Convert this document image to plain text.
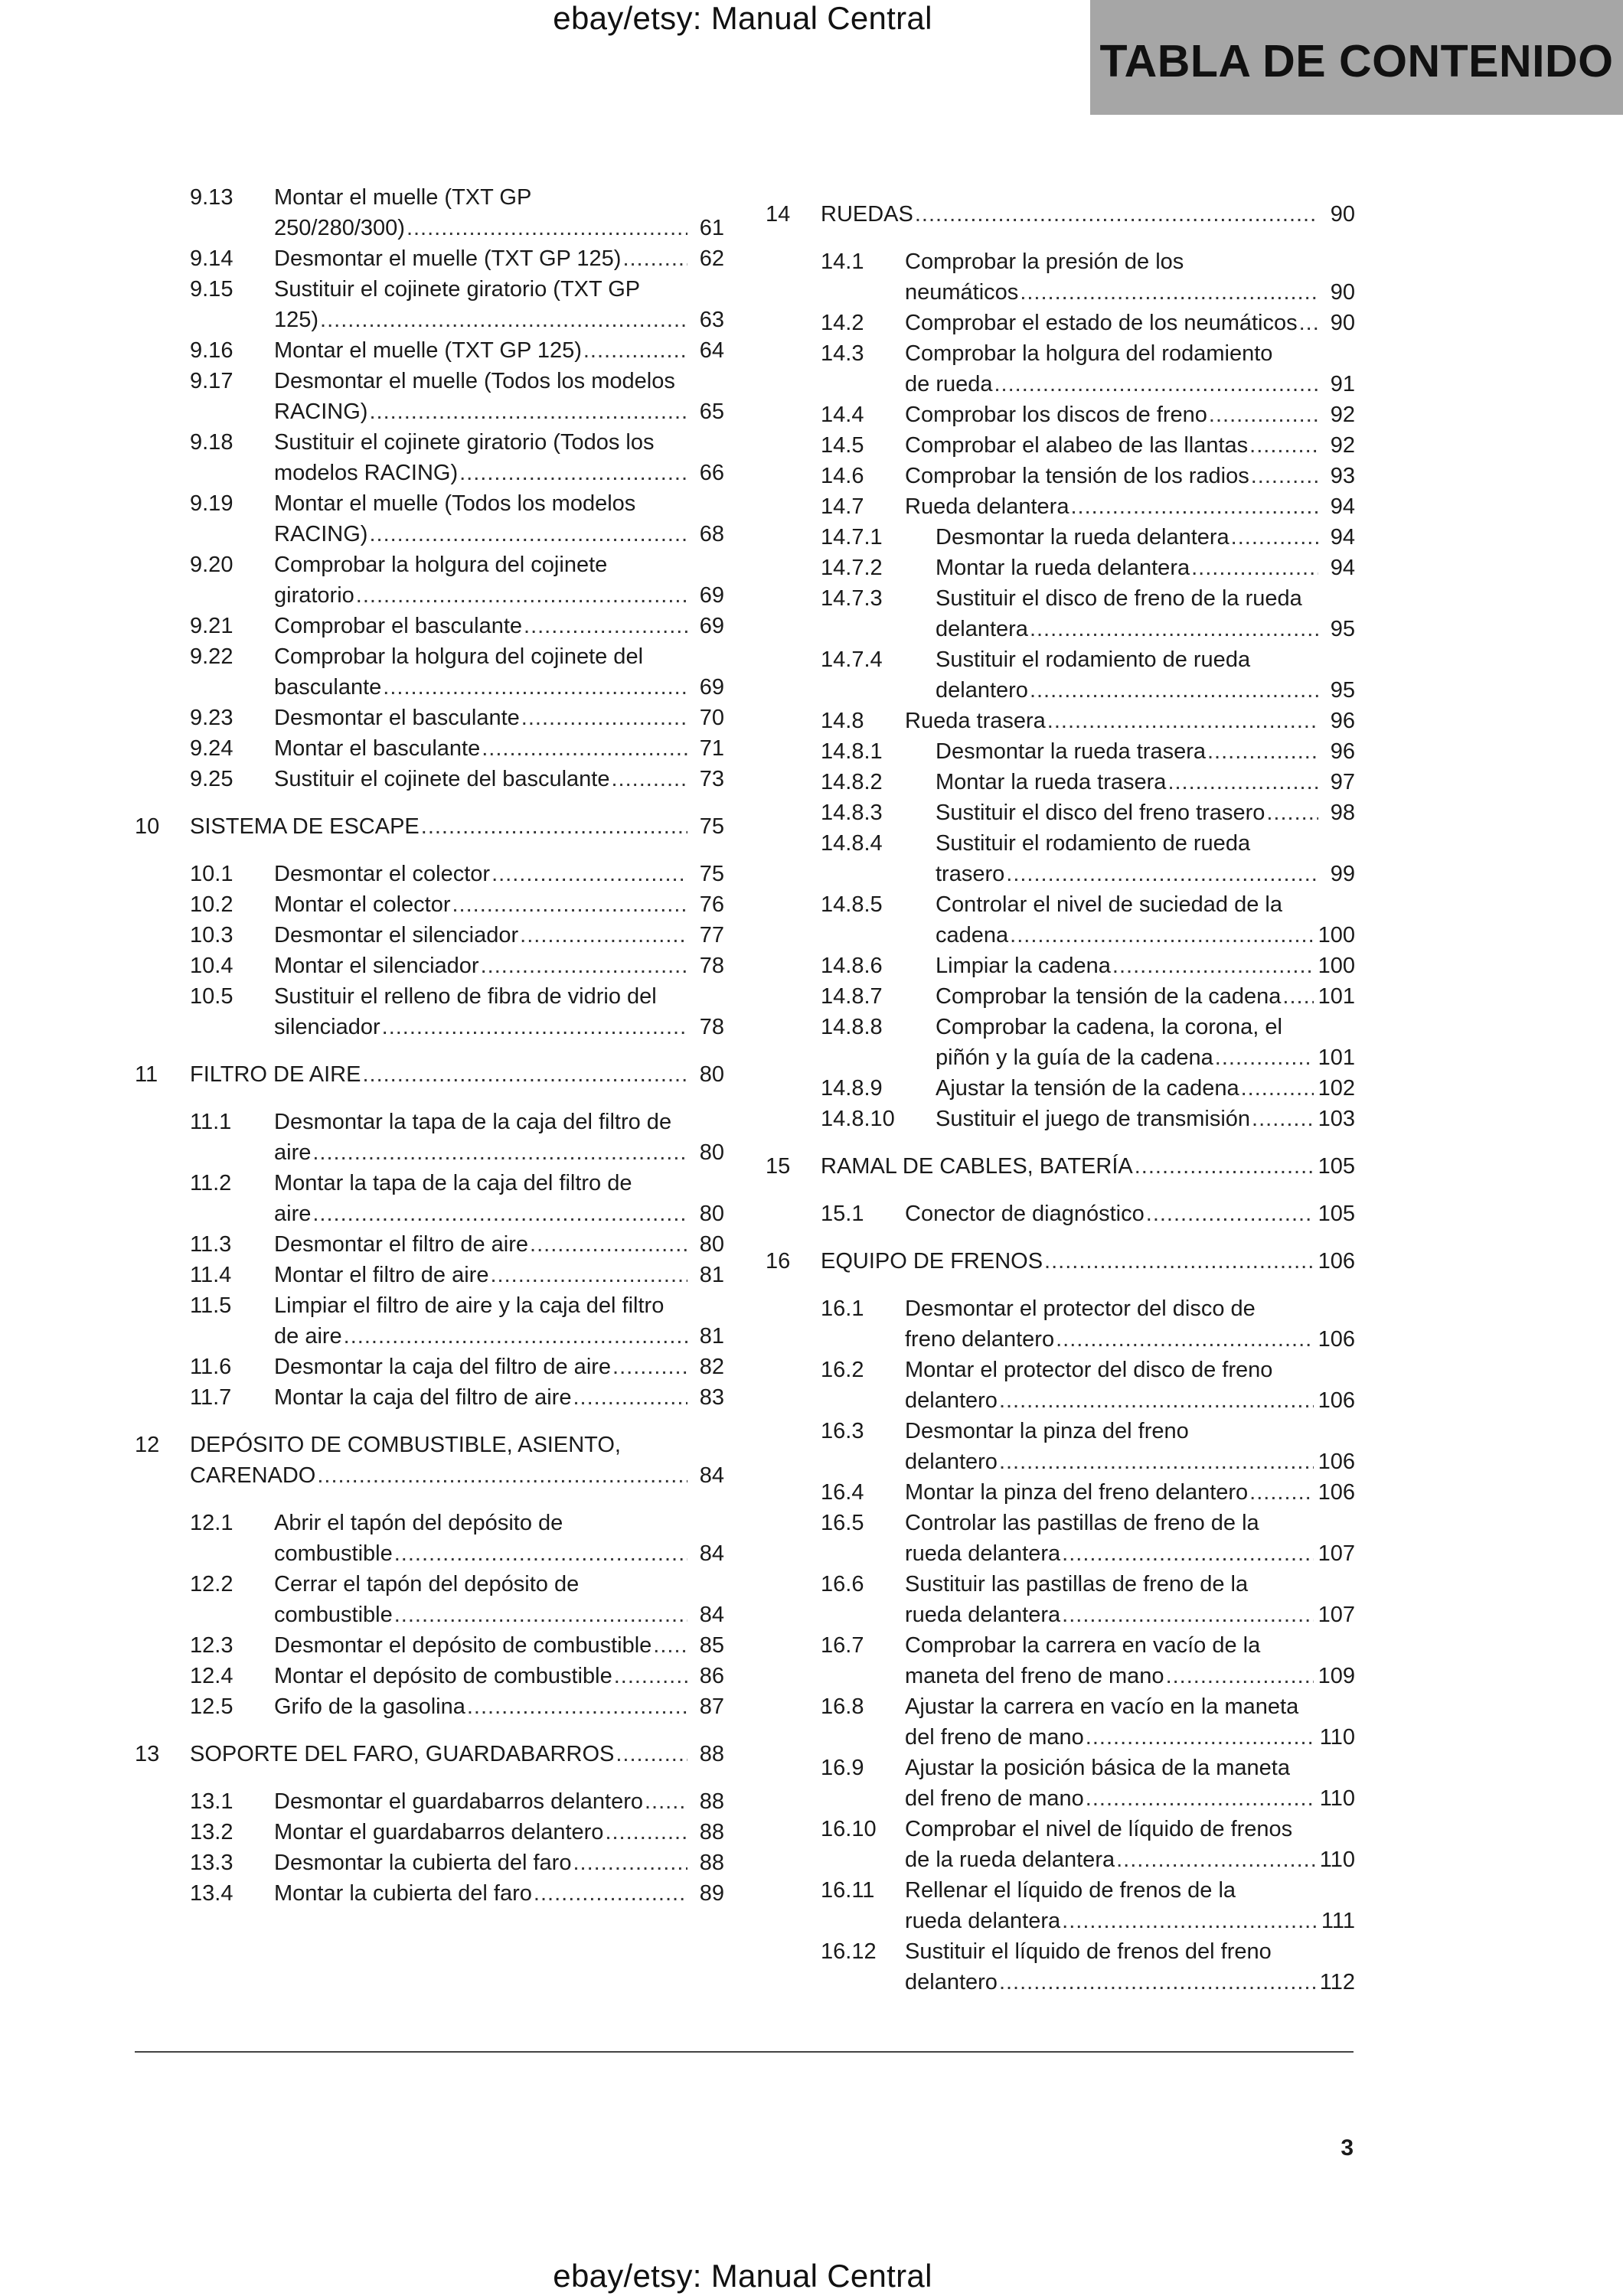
ebay/etsy: Manual Central
TABLA DE CONTENIDO
9.13 Montar el muelle (TXT GP

250/280/300) .....	61
9.14 Desmontar el muelle (TXT GP 125) .....	62
9.15 Sustituir el cojinete giratorio (TXT GP

125) .....	63
9.16 Montar el muelle (TXT GP 125) .....	64
9.17 Desmontar el muelle (Todos los modelos

RACING) .....	65
9.18 Sustituir el cojinete giratorio (Todos los

modelos RACING) .....	66
9.19 Montar el muelle (Todos los modelos

RACING) .....	68
9.20 Comprobar la holgura del cojinete

giratorio .....	69
9.21 Comprobar el basculante .....	69
9.22 Comprobar la holgura del cojinete del

basculante .....	69
9.23 Desmontar el basculante .....	70
9.24 Montar el basculante .....	71
9.25 Sustituir el cojinete del basculante .....	73
10 SISTEMA DE ESCAPE .....	75
10.1 Desmontar el colector .....	75
10.2 Montar el colector .....	76
10.3 Desmontar el silenciador .....	77
10.4 Montar el silenciador .....	78
10.5 Sustituir el relleno de fibra de vidrio del

silenciador .....	78
11 FILTRO DE AIRE .....	80
11.1 Desmontar la tapa de la caja del filtro de

aire .....	80
11.2 Montar la tapa de la caja del filtro de

aire .....	80
11.3 Desmontar el filtro de aire .....	80
11.4 Montar el filtro de aire .....	81
11.5 Limpiar el filtro de aire y la caja del filtro

de aire .....	81
11.6 Desmontar la caja del filtro de aire .....	82
11.7 Montar la caja del filtro de aire .....	83
12 DEPÓSITO DE COMBUSTIBLE, ASIENTO,

CARENADO .....	84
12.1 Abrir el tapón del depósito de

combustible .....	84
12.2 Cerrar el tapón del depósito de

combustible .....	84
12.3 Desmontar el depósito de combustible .....	85
12.4 Montar el depósito de combustible .....	86
12.5 Grifo de la gasolina .....	87
13 SOPORTE DEL FARO, GUARDABARROS .....	88
13.1 Desmontar el guardabarros delantero .....	88
13.2 Montar el guardabarros delantero .....	88
13.3 Desmontar la cubierta del faro .....	88
13.4 Montar la cubierta del faro .....	89
14 RUEDAS .....	90
14.1 Comprobar la presión de los

neumáticos .....	90
14.2 Comprobar el estado de los neumáticos .....	90
14.3 Comprobar la holgura del rodamiento

de rueda .....	91
14.4 Comprobar los discos de freno .....	92
14.5 Comprobar el alabeo de las llantas .....	92
14.6 Comprobar la tensión de los radios .....	93
14.7 Rueda delantera .....	94
14.7.1 Desmontar la rueda delantera .....	94
14.7.2 Montar la rueda delantera .....	94
14.7.3 Sustituir el disco de freno de la rueda

delantera .....	95
14.7.4 Sustituir el rodamiento de rueda

delantero .....	95
14.8 Rueda trasera .....	96
14.8.1 Desmontar la rueda trasera .....	96
14.8.2 Montar la rueda trasera .....	97
14.8.3 Sustituir el disco del freno trasero .....	98
14.8.4 Sustituir el rodamiento de rueda

trasero .....	99
14.8.5 Controlar el nivel de suciedad de la

cadena .....	100
14.8.6 Limpiar la cadena .....	100
14.8.7 Comprobar la tensión de la cadena ..... 101
14.8.8 Comprobar la cadena, la corona, el

piñón y la guía de la cadena .....	101
14.8.9 Ajustar la tensión de la cadena .....	102
14.8.10 Sustituir el juego de transmisión .....	103
15 RAMAL DE CABLES, BATERÍA .....	105
15.1 Conector de diagnóstico .....	105
16 EQUIPO DE FRENOS .....	106
16.1 Desmontar el protector del disco de

freno delantero .....	106
16.2 Montar el protector del disco de freno

delantero .....	106
16.3 Desmontar la pinza del freno

delantero .....	106
16.4 Montar la pinza del freno delantero .....	106
16.5 Controlar las pastillas de freno de la

rueda delantera .....	107
16.6 Sustituir las pastillas de freno de la

rueda delantera .....	107
16.7 Comprobar la carrera en vacío de la

maneta del freno de mano .....	109
16.8 Ajustar la carrera en vacío en la maneta

del freno de mano .....	110
16.9 Ajustar la posición básica de la maneta

del freno de mano .....	110
16.10 Comprobar el nivel de líquido de frenos

de la rueda delantera .....	110
16.11 Rellenar el líquido de frenos de la

rueda delantera .....	111
16.12 Sustituir el líquido de frenos del freno

delantero .....	112
3
ebay/etsy: Manual Central
